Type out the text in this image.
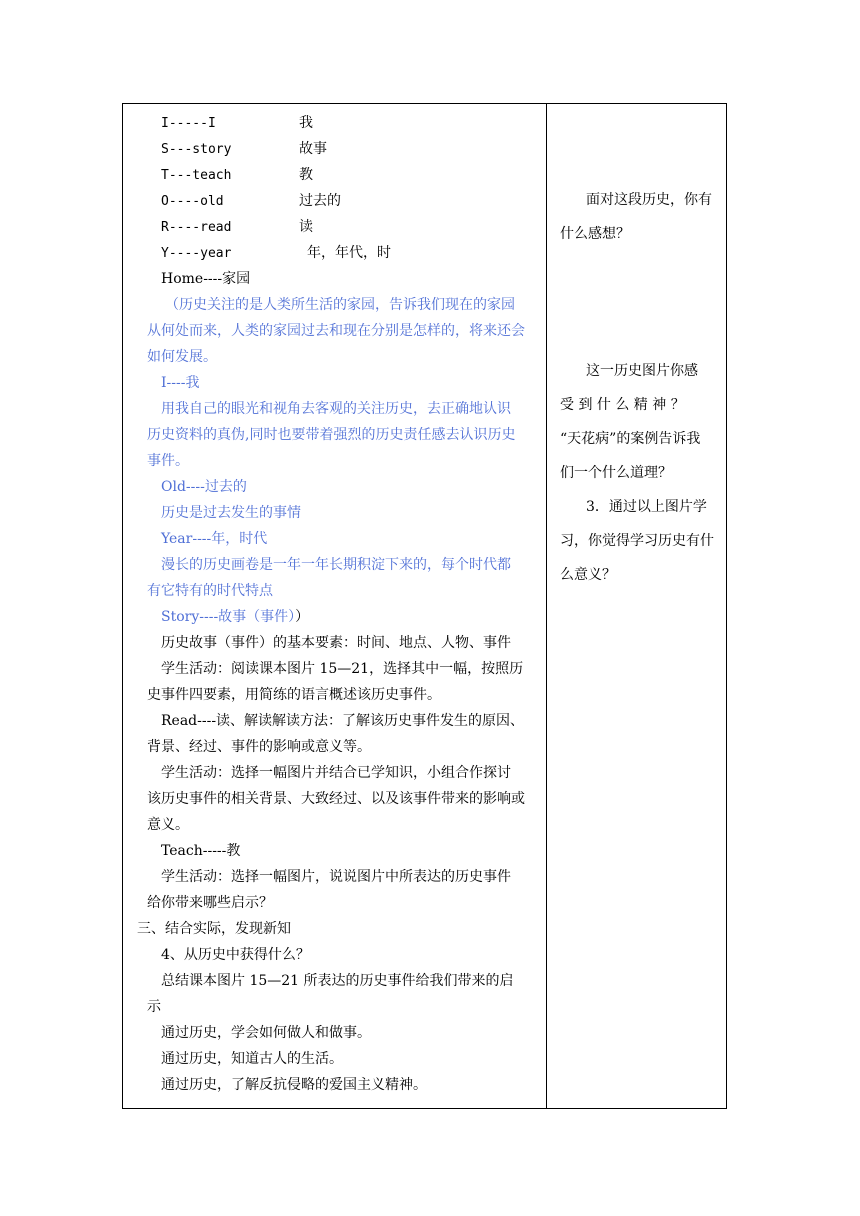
I-----I	我
S---story	故事
T---teach	教
O----old	过去的
R----read	读
Y----year	年，年代，时
Home----家园
（历史关注的是人类所生活的家园，告诉我们现在的家园
从何处而来，人类的家园过去和现在分别是怎样的，将来还会
如何发展。
I----我
用我自己的眼光和视角去客观的关注历史，去正确地认识
历史资料的真伪,同时也要带着强烈的历史责任感去认识历史
事件。
Old----过去的
历史是过去发生的事情
Year----年，时代
漫长的历史画卷是一年一年长期积淀下来的，每个时代都
有它特有的时代特点
Story----故事（事件））
历史故事（事件）的基本要素：时间、地点、人物、事件
学生活动：阅读课本图片 15—21，选择其中一幅，按照历
史事件四要素，用简练的语言概述该历史事件。
Read----读、解读解读方法：了解该历史事件发生的原因、
背景、经过、事件的影响或意义等。
学生活动：选择一幅图片并结合已学知识，小组合作探讨
该历史事件的相关背景、大致经过、以及该事件带来的影响或
意义。
Teach-----教
学生活动：选择一幅图片，说说图片中所表达的历史事件
给你带来哪些启示？
三、结合实际，发现新知
4、从历史中获得什么？
总结课本图片 15—21 所表达的历史事件给我们带来的启
示
通过历史，学会如何做人和做事。
通过历史，知道古人的生活。
通过历史，了解反抗侵略的爱国主义精神。
面对这段历史，你有
什么感想？
这一历史图片你感
受 到 什 么 精 神 ？
“天花病”的案例告诉我
们一个什么道理？
3．通过以上图片学
习，你觉得学习历史有什
么意义？
